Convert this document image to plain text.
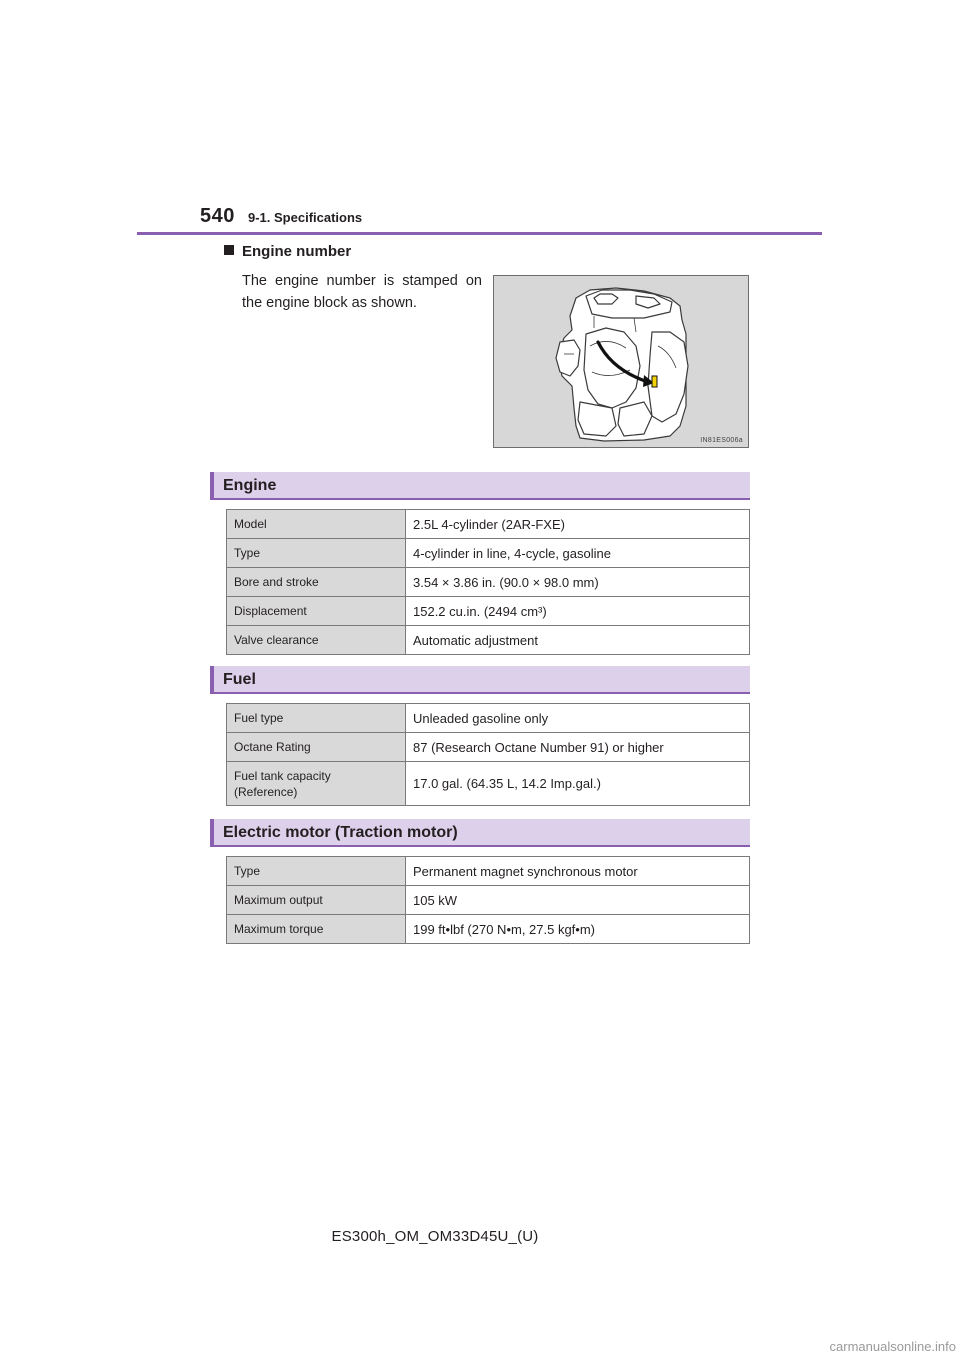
540 9-1. Specifications
Engine number
The engine number is stamped on the engine block as shown.
IN81ES006a
Engine
Model	2.5L 4-cylinder (2AR-FXE)
Type	4-cylinder in line, 4-cycle, gasoline
Bore and stroke	3.54 × 3.86 in. (90.0 × 98.0 mm)
Displacement	152.2 cu.in. (2494 cm³)
Valve clearance	Automatic adjustment
Fuel
Fuel type	Unleaded gasoline only
Octane Rating	87 (Research Octane Number 91) or higher
Fuel tank capacity
(Reference)	17.0 gal. (64.35 L, 14.2 Imp.gal.)
Electric motor (Traction motor)
Type	Permanent magnet synchronous motor
Maximum output	105 kW
Maximum torque	199 ft•lbf (270 N•m, 27.5 kgf•m)
ES300h_OM_OM33D45U_(U)
carmanualsonline.info
